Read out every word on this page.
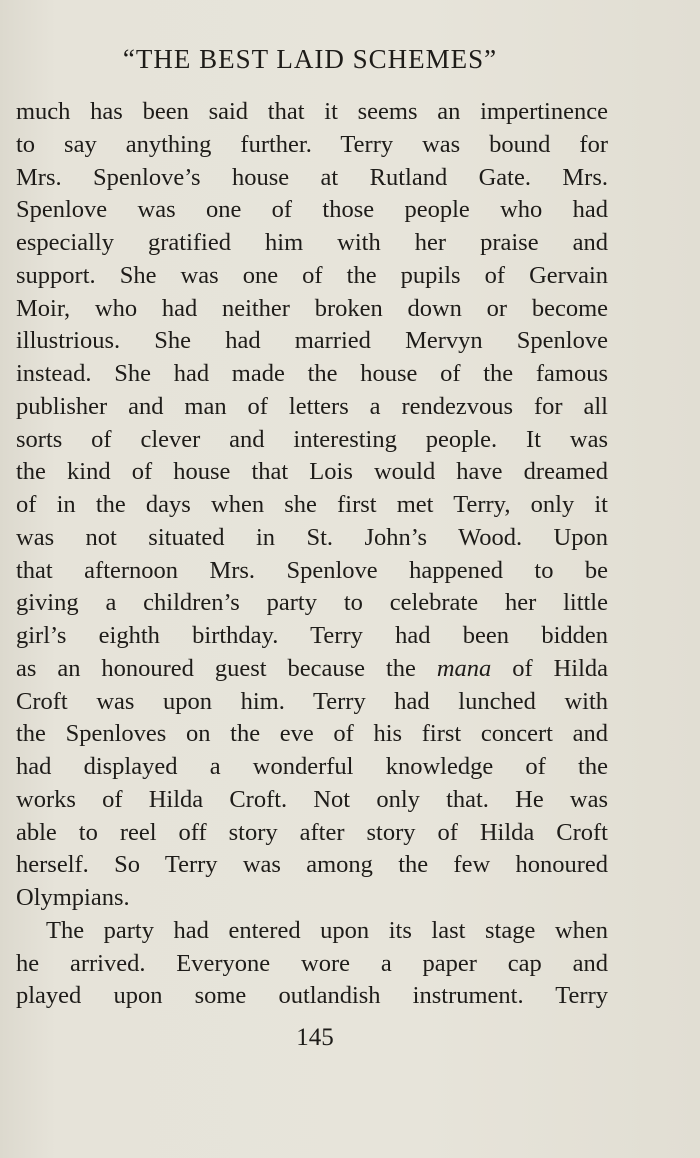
“THE BEST LAID SCHEMES”
much has been said that it seems an impertinence
to say anything further. Terry was bound for
Mrs. Spenlove’s house at Rutland Gate. Mrs.
Spenlove was one of those people who had
especially gratified him with her praise and
support. She was one of the pupils of Gervain
Moir, who had neither broken down or become
illustrious. She had married Mervyn Spenlove
instead. She had made the house of the famous
publisher and man of letters a rendezvous for all
sorts of clever and interesting people. It was
the kind of house that Lois would have dreamed
of in the days when she first met Terry, only it
was not situated in St. John’s Wood. Upon
that afternoon Mrs. Spenlove happened to be
giving a children’s party to celebrate her little
girl’s eighth birthday. Terry had been bidden
as an honoured guest because the mana of Hilda
Croft was upon him. Terry had lunched with
the Spenloves on the eve of his first concert and
had displayed a wonderful knowledge of the
works of Hilda Croft. Not only that. He was
able to reel off story after story of Hilda Croft
herself. So Terry was among the few honoured
Olympians.
The party had entered upon its last stage when
he arrived. Everyone wore a paper cap and
played upon some outlandish instrument. Terry
145
